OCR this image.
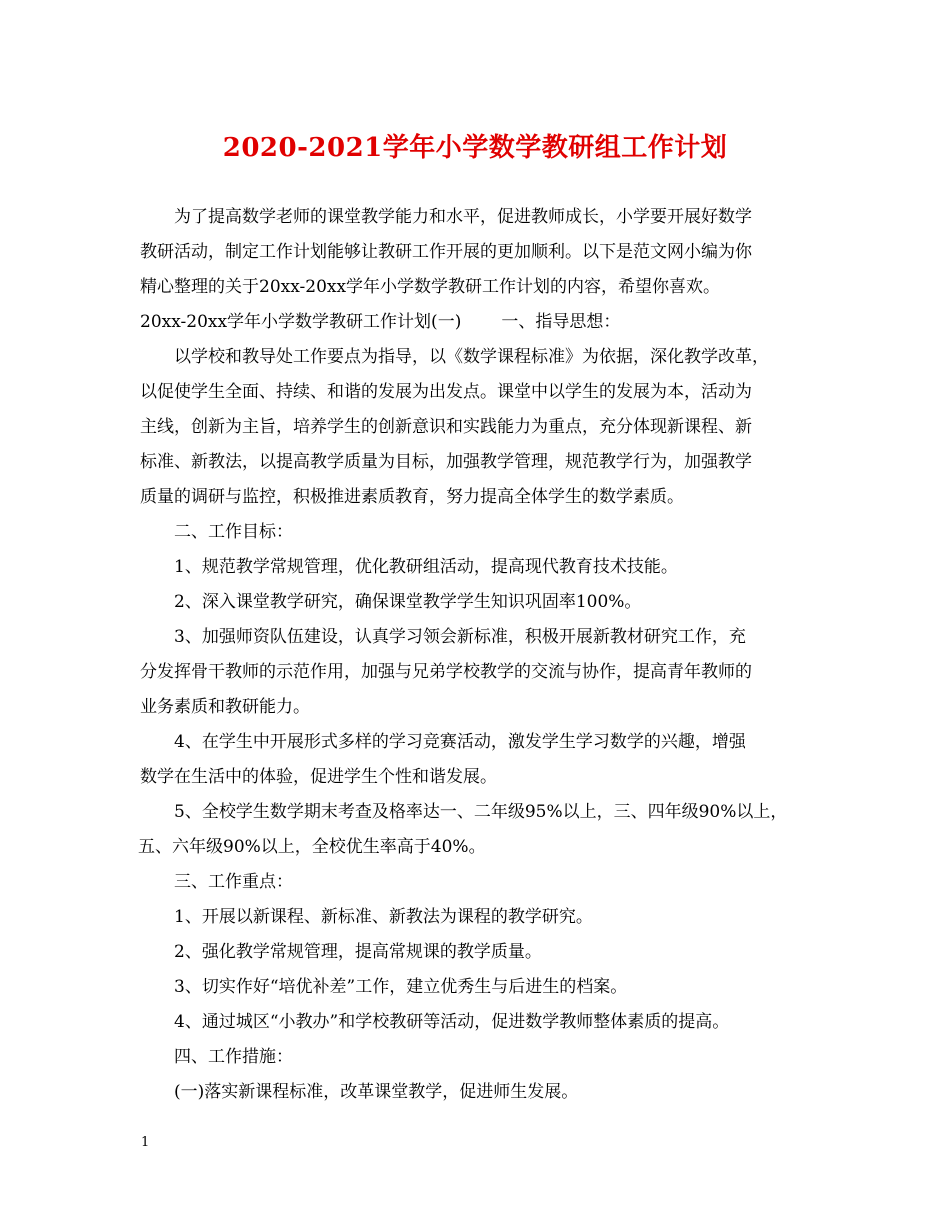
2020-2021学年小学数学教研组工作计划
为了提高数学老师的课堂教学能力和水平，促进教师成长，小学要开展好数学
教研活动，制定工作计划能够让教研工作开展的更加顺利。以下是范文网小编为你
精心整理的关于20xx-20xx学年小学数学教研工作计划的内容，希望你喜欢。
20xx-20xx学年小学数学教研工作计划(一) 一、指导思想：
以学校和教导处工作要点为指导，以《数学课程标准》为依据，深化教学改革，
以促使学生全面、持续、和谐的发展为出发点。课堂中以学生的发展为本，活动为
主线，创新为主旨，培养学生的创新意识和实践能力为重点，充分体现新课程、新
标准、新教法，以提高教学质量为目标，加强教学管理，规范教学行为，加强教学
质量的调研与监控，积极推进素质教育，努力提高全体学生的数学素质。
二、工作目标：
1、规范教学常规管理，优化教研组活动，提高现代教育技术技能。
2、深入课堂教学研究，确保课堂教学学生知识巩固率100%。
3、加强师资队伍建设，认真学习领会新标准，积极开展新教材研究工作，充
分发挥骨干教师的示范作用，加强与兄弟学校教学的交流与协作，提高青年教师的
业务素质和教研能力。
4、在学生中开展形式多样的学习竞赛活动，激发学生学习数学的兴趣，增强
数学在生活中的体验，促进学生个性和谐发展。
5、全校学生数学期末考查及格率达一、二年级95%以上，三、四年级90%以上，
五、六年级90%以上，全校优生率高于40%。
三、工作重点：
1、开展以新课程、新标准、新教法为课程的教学研究。
2、强化教学常规管理，提高常规课的教学质量。
3、切实作好“培优补差”工作，建立优秀生与后进生的档案。
4、通过城区“小教办”和学校教研等活动，促进数学教师整体素质的提高。
四、工作措施：
(一)落实新课程标准，改革课堂教学，促进师生发展。
1
